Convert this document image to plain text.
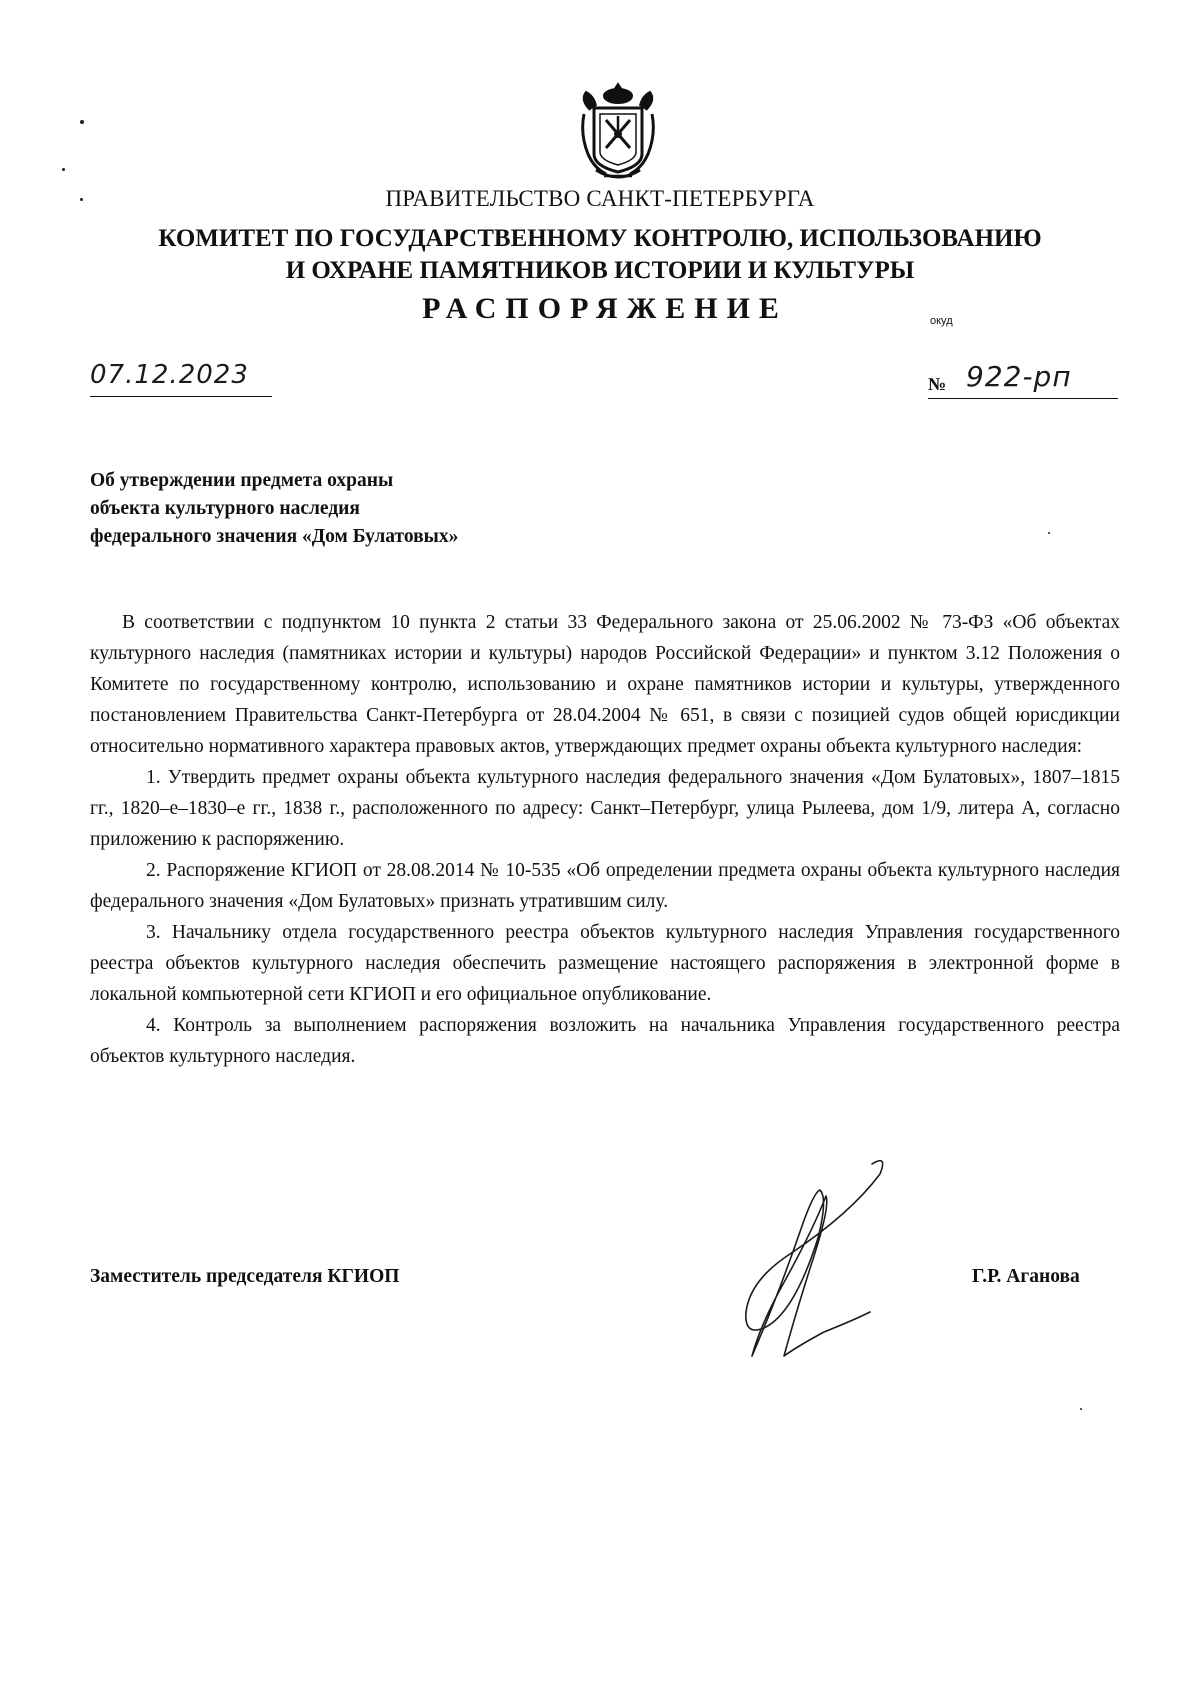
ПРАВИТЕЛЬСТВО САНКТ-ПЕТЕРБУРГА
КОМИТЕТ ПО ГОСУДАРСТВЕННОМУ КОНТРОЛЮ, ИСПОЛЬЗОВАНИЮ
И ОХРАНЕ ПАМЯТНИКОВ ИСТОРИИ И КУЛЬТУРЫ
РАСПОРЯЖЕНИЕ	окуд
07.12.2023	№ 922-рп
Об утверждении предмета охраны
объекта культурного наследия
федерального значения «Дом Булатовых»

В соответствии с подпунктом 10 пункта 2 статьи 33 Федерального закона от 25.06.2002 № 73-ФЗ «Об объектах культурного наследия (памятниках истории и культуры) народов Российской Федерации» и пунктом 3.12 Положения о Комитете по государственному контролю, использованию и охране памятников истории и культуры, утвержденного постановлением Правительства Санкт-Петербурга от 28.04.2004 № 651, в связи с позицией судов общей юрисдикции относительно нормативного характера правовых актов, утверждающих предмет охраны объекта культурного наследия:

1. Утвердить предмет охраны объекта культурного наследия федерального значения «Дом Булатовых», 1807–1815 гг., 1820–е–1830–е гг., 1838 г., расположенного по адресу: Санкт–Петербург, улица Рылеева, дом 1/9, литера А, согласно приложению к распоряжению.

2. Распоряжение КГИОП от 28.08.2014 № 10-535 «Об определении предмета охраны объекта культурного наследия федерального значения «Дом Булатовых» признать утратившим силу.

3. Начальнику отдела государственного реестра объектов культурного наследия Управления государственного реестра объектов культурного наследия обеспечить размещение настоящего распоряжения в электронной форме в локальной компьютерной сети КГИОП и его официальное опубликование.

4. Контроль за выполнением распоряжения возложить на начальника Управления государственного реестра объектов культурного наследия.

Заместитель председателя КГИОП	Г.Р. Аганова
